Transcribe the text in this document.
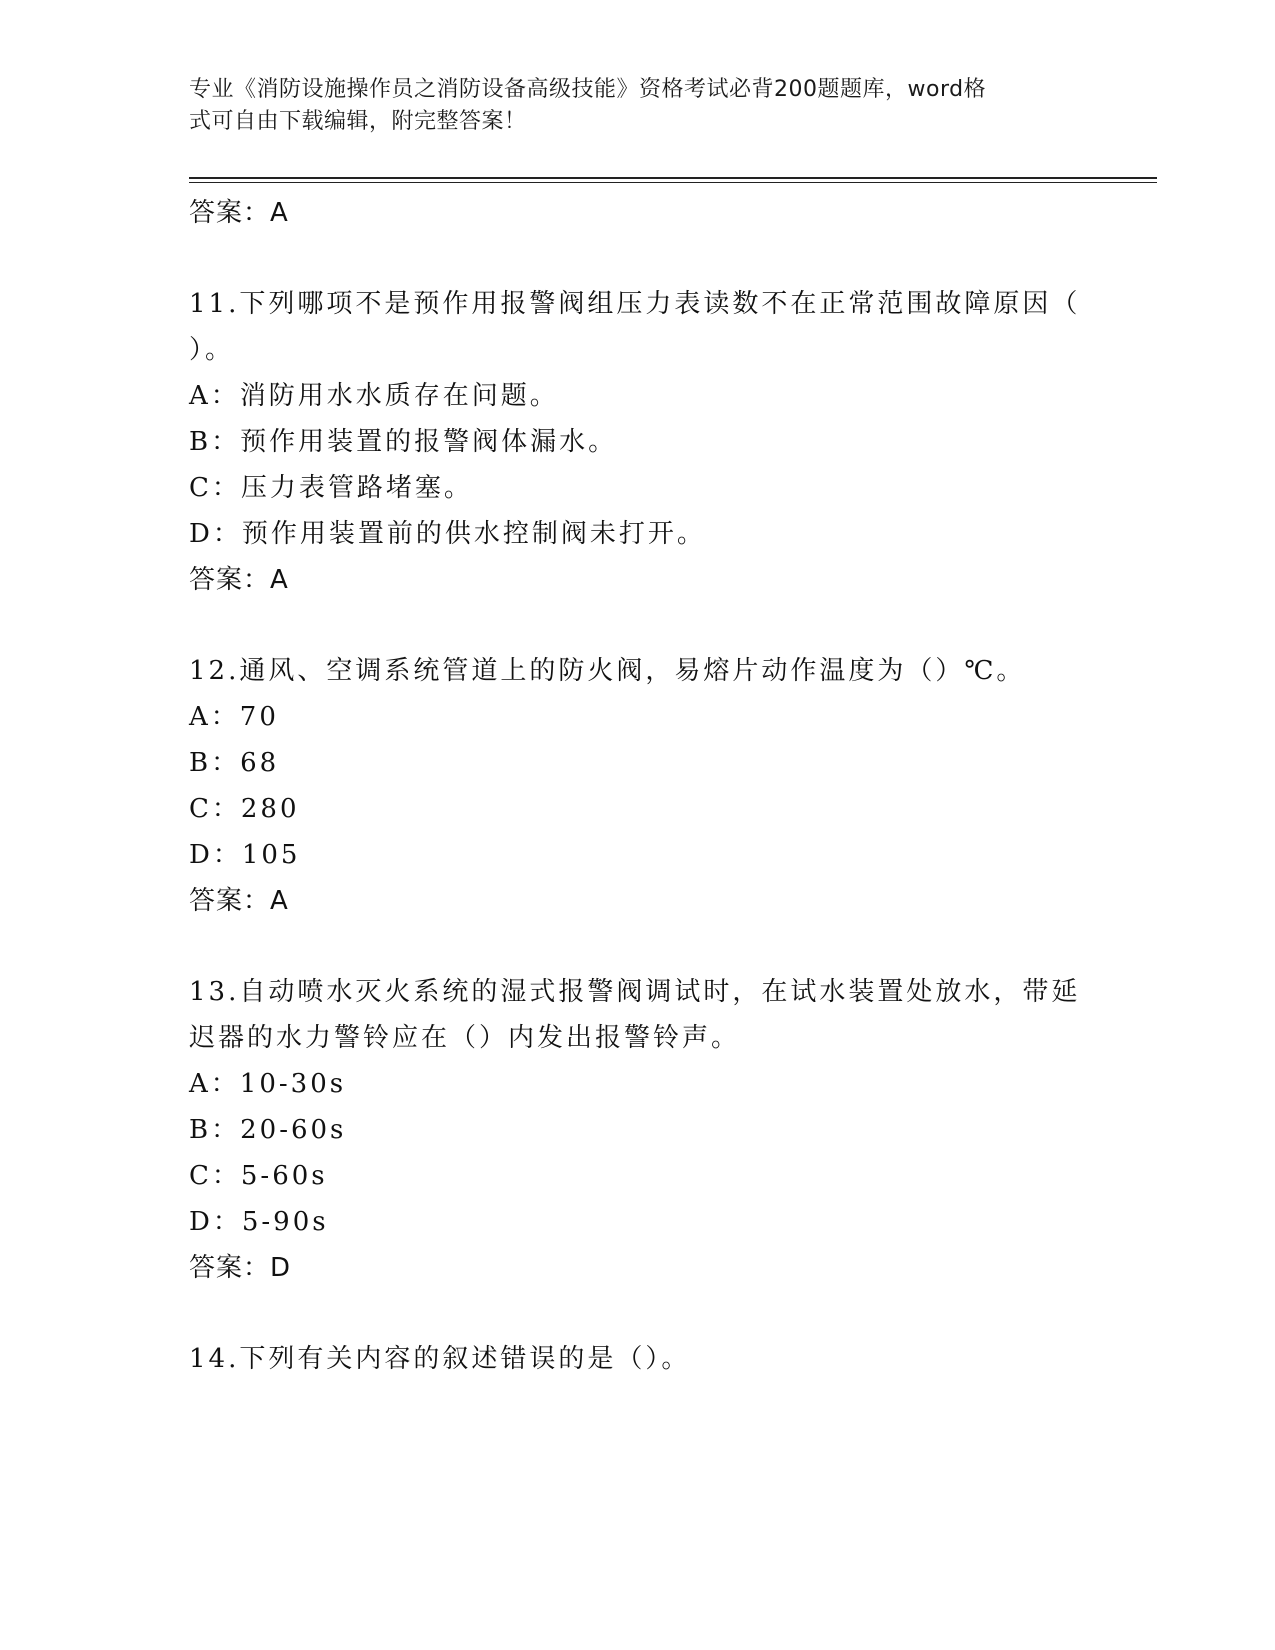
专业《消防设施操作员之消防设备高级技能》资格考试必背200题题库，word格
式可自由下载编辑，附完整答案！
答案：A
11.下列哪项不是预作用报警阀组压力表读数不在正常范围故障原因（
）。
A：消防用水水质存在问题。
B：预作用装置的报警阀体漏水。
C：压力表管路堵塞。
D：预作用装置前的供水控制阀未打开。
答案：A
12.通风、空调系统管道上的防火阀，易熔片动作温度为（）℃。
A：70
B：68
C：280
D：105
答案：A
13.自动喷水灭火系统的湿式报警阀调试时，在试水装置处放水，带延
迟器的水力警铃应在（）内发出报警铃声。
A：10-30s
B：20-60s
C：5-60s
D：5-90s
答案：D
14.下列有关内容的叙述错误的是（）。
